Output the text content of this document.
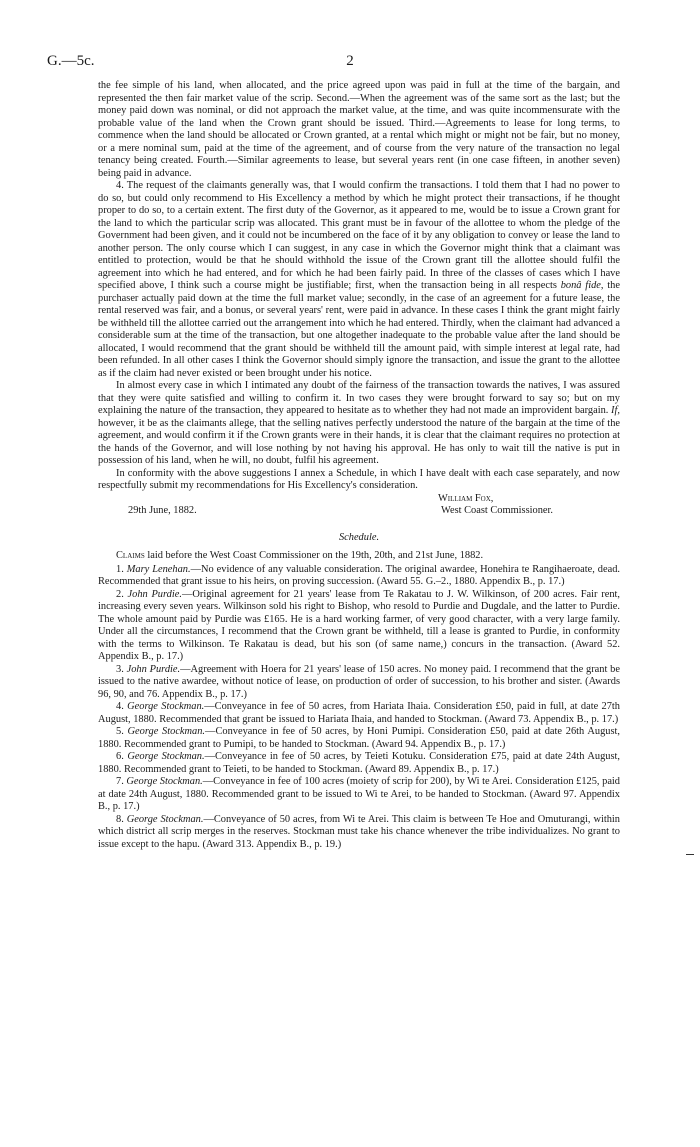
G.—5c.	2

the fee simple of his land, when allocated, and the price agreed upon was paid in full at the time of the bargain, and represented the then fair market value of the scrip. Second.—When the agreement was of the same sort as the last; but the money paid down was nominal, or did not approach the market value, at the time, and was quite incommensurate with the probable value of the land when the Crown grant should be issued. Third.—Agreements to lease for long terms, to commence when the land should be allocated or Crown granted, at a rental which might or might not be fair, but no money, or a mere nominal sum, paid at the time of the agreement, and of course from the very nature of the transaction no legal tenancy being created. Fourth.—Similar agreements to lease, but several years rent (in one case fifteen, in another seven) being paid in advance.

4. The request of the claimants generally was, that I would confirm the transactions. I told them that I had no power to do so, but could only recommend to His Excellency a method by which he might protect their transactions, if he thought proper to do so, to a certain extent. The first duty of the Governor, as it appeared to me, would be to issue a Crown grant for the land to which the particular scrip was allocated. This grant must be in favour of the allottee to whom the pledge of the Government had been given, and it could not be incumbered on the face of it by any obligation to convey or lease the land to another person. The only course which I can suggest, in any case in which the Governor might think that a claimant was entitled to protection, would be that he should withhold the issue of the Crown grant till the allottee should fulfil the agreement into which he had entered, and for which he had been fairly paid. In three of the classes of cases which I have specified above, I think such a course might be justifiable; first, when the transaction being in all respects bonâ fide, the purchaser actually paid down at the time the full market value; secondly, in the case of an agreement for a future lease, the rental reserved was fair, and a bonus, or several years' rent, were paid in advance. In these cases I think the grant might fairly be withheld till the allottee carried out the arrangement into which he had entered. Thirdly, when the claimant had advanced a considerable sum at the time of the transaction, but one altogether inadequate to the probable value after the land should be allocated, I would recommend that the grant should be withheld till the amount paid, with simple interest at legal rate, had been refunded. In all other cases I think the Governor should simply ignore the transaction, and issue the grant to the allottee as if the claim had never existed or been brought under his notice.

In almost every case in which I intimated any doubt of the fairness of the transaction towards the natives, I was assured that they were quite satisfied and willing to confirm it. In two cases they were brought forward to say so; but on my explaining the nature of the transaction, they appeared to hesitate as to whether they had not made an improvident bargain. If, however, it be as the claimants allege, that the selling natives perfectly understood the nature of the bargain at the time of the agreement, and would confirm it if the Crown grants were in their hands, it is clear that the claimant requires no protection at the hands of the Governor, and will lose nothing by not having his approval. He has only to wait till the native is put in possession of his land, when he will, no doubt, fulfil his agreement.

In conformity with the above suggestions I annex a Schedule, in which I have dealt with each case separately, and now respectfully submit my recommendations for His Excellency's consideration.

William Fox,
29th June, 1882.	West Coast Commissioner.

Schedule.

Claims laid before the West Coast Commissioner on the 19th, 20th, and 21st June, 1882.

1. Mary Lenehan.—No evidence of any valuable consideration. The original awardee, Honehira te Rangihaeroate, dead. Recommended that grant issue to his heirs, on proving succession. (Award 55. G.–2., 1880. Appendix B., p. 17.)

2. John Purdie.—Original agreement for 21 years' lease from Te Rakatau to J. W. Wilkinson, of 200 acres. Fair rent, increasing every seven years. Wilkinson sold his right to Bishop, who resold to Purdie and Dugdale, and the latter to Purdie. The whole amount paid by Purdie was £165. He is a hard working farmer, of very good character, with a very large family. Under all the circumstances, I recommend that the Crown grant be withheld, till a lease is granted to Purdie, in conformity with the terms to Wilkinson. Te Rakatau is dead, but his son (of same name,) concurs in the transaction. (Award 52. Appendix B., p. 17.)

3. John Purdie.—Agreement with Hoera for 21 years' lease of 150 acres. No money paid. I recommend that the grant be issued to the native awardee, without notice of lease, on production of order of succession, to his brother and sister. (Awards 96, 90, and 76. Appendix B., p. 17.)

4. George Stockman.—Conveyance in fee of 50 acres, from Hariata Ihaia. Consideration £50, paid in full, at date 27th August, 1880. Recommended that grant be issued to Hariata Ihaia, and handed to Stockman. (Award 73. Appendix B., p. 17.)

5. George Stockman.—Conveyance in fee of 50 acres, by Honi Pumipi. Consideration £50, paid at date 26th August, 1880. Recommended grant to Pumipi, to be handed to Stockman. (Award 94. Appendix B., p. 17.)

6. George Stockman.—Conveyance in fee of 50 acres, by Teieti Kotuku. Consideration £75, paid at date 24th August, 1880. Recommended grant to Teieti, to be handed to Stockman. (Award 89. Appendix B., p. 17.)

7. George Stockman.—Conveyance in fee of 100 acres (moiety of scrip for 200), by Wi te Arei. Consideration £125, paid at date 24th August, 1880. Recommended grant to be issued to Wi te Arei, to be handed to Stockman. (Award 97. Appendix B., p. 17.)

8. George Stockman.—Conveyance of 50 acres, from Wi te Arei. This claim is between Te Hoe and Omuturangi, within which district all scrip merges in the reserves. Stockman must take his chance whenever the tribe individualizes. No grant to issue except to the hapu. (Award 313. Appendix B., p. 19.)
